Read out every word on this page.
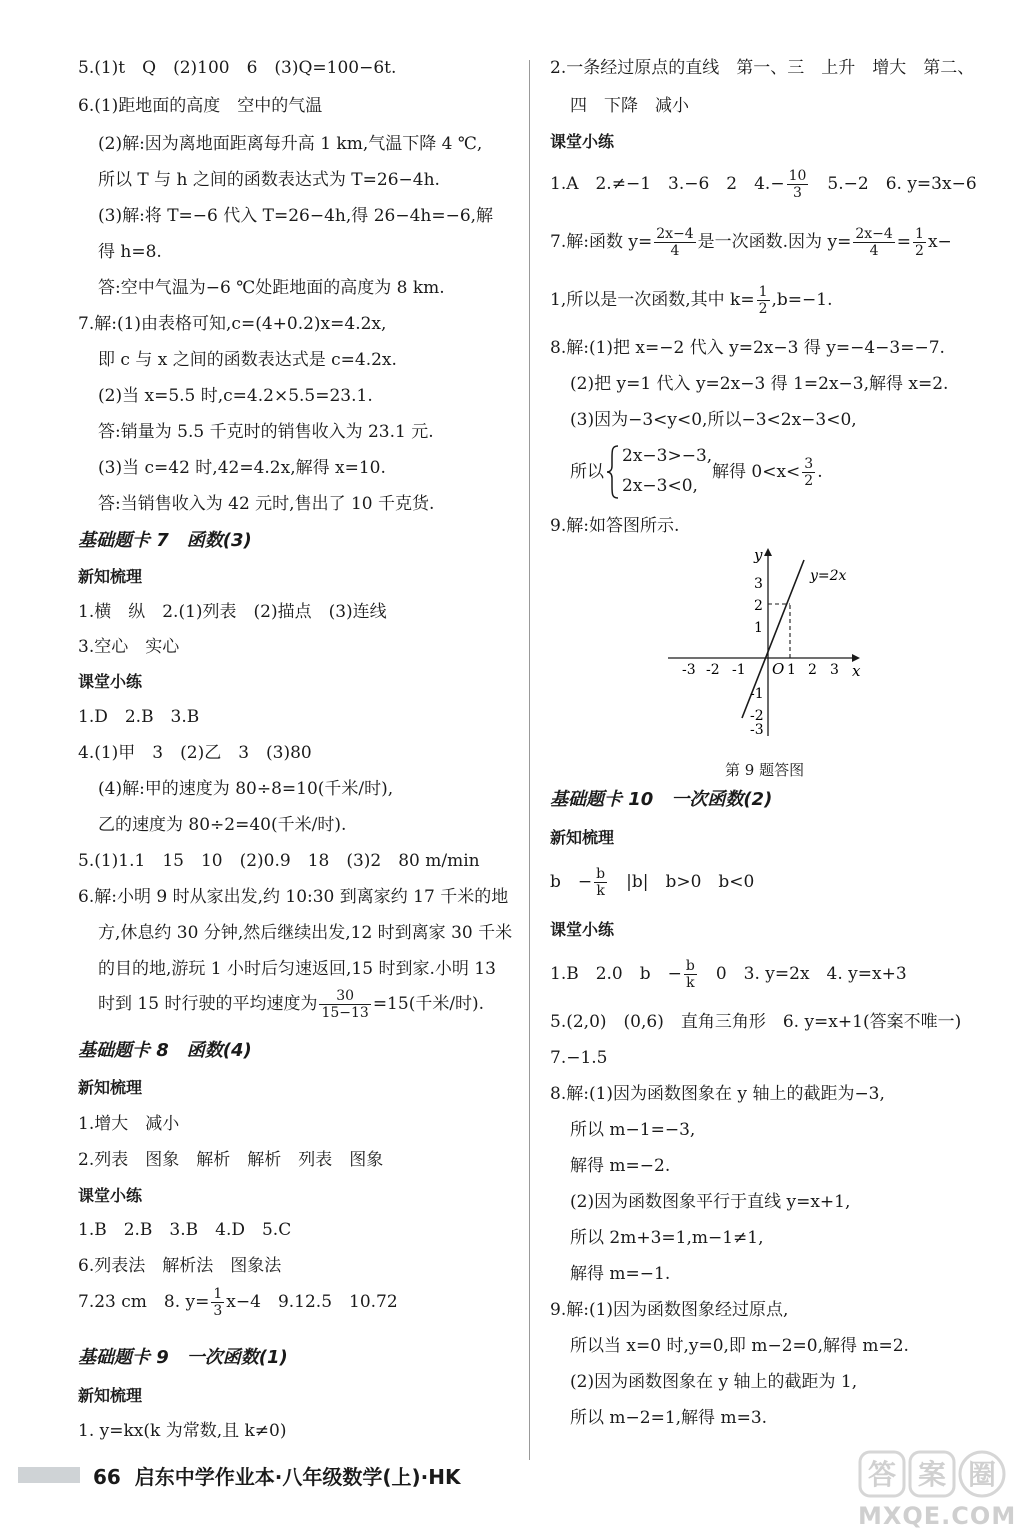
5.(1)t　Q　(2)100　6　(3)Q=100−6t.
6.(1)距地面的高度　空中的气温
(2)解:因为离地面距离每升高 1 km,气温下降 4 ℃,
所以 T 与 h 之间的函数表达式为 T=26−4h.
(3)解:将 T=−6 代入 T=26−4h,得 26−4h=−6,解
得 h=8.
答:空中气温为−6 ℃处距地面的高度为 8 km.
7.解:(1)由表格可知,c=(4+0.2)x=4.2x,
即 c 与 x 之间的函数表达式是 c=4.2x.
(2)当 x=5.5 时,c=4.2×5.5=23.1.
答:销量为 5.5 千克时的销售收入为 23.1 元.
(3)当 c=42 时,42=4.2x,解得 x=10.
答:当销售收入为 42 元时,售出了 10 千克货.
基础题卡 7　函数(3)
新知梳理
1.横　纵　2.(1)列表　(2)描点　(3)连线
3.空心　实心
课堂小练
1.D　2.B　3.B
4.(1)甲　3　(2)乙　3　(3)80
(4)解:甲的速度为 80÷8=10(千米/时),
乙的速度为 80÷2=40(千米/时).
5.(1)1.1　15　10　(2)0.9　18　(3)2　80 m/min
6.解:小明 9 时从家出发,约 10:30 到离家约 17 千米的地
方,休息约 30 分钟,然后继续出发,12 时到离家 30 千米
的目的地,游玩 1 小时后匀速返回,15 时到家.小明 13
时到 15 时行驶的平均速度为 $\frac{30}{15-13} =15$(千米/时).
基础题卡 8　函数(4)
新知梳理
1.增大　减小
2.列表　图象　解析　解析　列表　图象
课堂小练
1.B　2.B　3.B　4.D　5.C
6.列表法　解析法　图象法
7.23 cm　8. $y= \frac{1}{3} x-4$　9.12.5　10.72
基础题卡 9　一次函数(1)
新知梳理
1. y=kx(k 为常数,且 k≠0)
2.一条经过原点的直线　第一、三　上升　增大　第二、
四　下降　减小
课堂小练
1.A　2.≠−1　3.−6　2　$4.- \frac{10}{3}$ 　5.−2　6. y=3x−6
7.解:函数 $y= \frac{2x-4}{4}$ 是一次函数.因为 $y= \frac{2x-4}{4} = \frac{1}{2} x-$
1,所以是一次函数,其中 $k= \frac{1}{2} ,b=-1$.
8.解:(1)把 x=−2 代入 y=2x−3 得 y=−4−3=−7.
(2)把 y=1 代入 y=2x−3 得 1=2x−3,解得 x=2.
(3)因为−3<y<0,所以−3<2x−3<0,
所以
2x−3>−3,
2x−3<0,
解得 $0<x< \frac{3}{2}$ .
9.解:如答图所示.
y
x
O
y=2x
-3 -2 -1	1 2 3
3
2
1
-1
-2
-3
第 9 题答图
基础题卡 10　一次函数(2)
新知梳理
b　− $\frac{b}{k}$ 　|b|　b>0　b<0
课堂小练
1.B　2.0　b　− $\frac{b}{k}$ 　0　3. y=2x　4. y=x+3
5.(2,0)　(0,6)　直角三角形　6. y=x+1(答案不唯一)
7.−1.5
8.解:(1)因为函数图象在 y 轴上的截距为−3,
所以 m−1=−3,
解得 m=−2.
(2)因为函数图象平行于直线 y=x+1,
所以 2m+3=1,m−1≠1,
解得 m=−1.
9.解:(1)因为函数图象经过原点,
所以当 x=0 时,y=0,即 m−2=0,解得 m=2.
(2)因为函数图象在 y 轴上的截距为 1,
所以 m−2=1,解得 m=3.
66 启东中学作业本·八年级数学(上)·HK	答 案 圈
MXQE.COM
